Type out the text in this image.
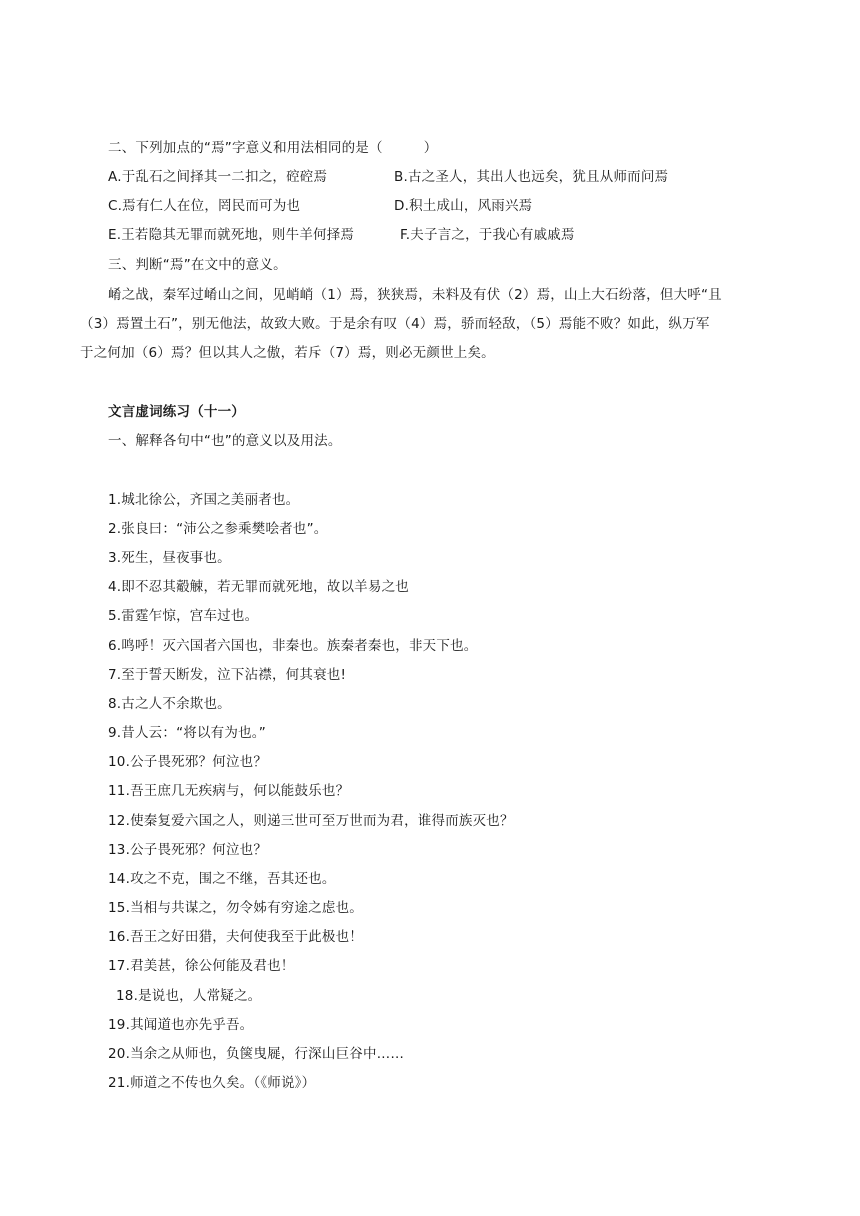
二、下列加点的“焉”字意义和用法相同的是（　　　）
A.于乱石之间择其一二扣之，硿硿焉	B.古之圣人，其出人也远矣，犹且从师而问焉
C.焉有仁人在位，罔民而可为也	D.积土成山，风雨兴焉
E.王若隐其无罪而就死地，则牛羊何择焉	F.夫子言之，于我心有戚戚焉
三、判断“焉”在文中的意义。
崤之战，秦军过崤山之间，见峭峭（1）焉，狭狭焉，未料及有伏（2）焉，山上大石纷落，但大呼“且
（3）焉置土石”，别无他法，故致大败。于是余有叹（4）焉，骄而轻敌，（5）焉能不败？如此，纵万军
于之何加（6）焉？但以其人之傲，若斥（7）焉，则必无颜世上矣。
文言虚词练习（十一）
一、解释各句中“也”的意义以及用法。
1.城北徐公，齐国之美丽者也。
2.张良曰：“沛公之参乘樊哙者也”。
3.死生，昼夜事也。
4.即不忍其觳觫，若无罪而就死地，故以羊易之也
5.雷霆乍惊，宫车过也。
6.鸣呼！灭六国者六国也，非秦也。族秦者秦也，非天下也。
7.至于誓天断发，泣下沾襟，何其衰也!
8.古之人不余欺也。
9.昔人云：“将以有为也。”
10.公子畏死邪？何泣也？
11.吾王庶几无疾病与，何以能鼓乐也？
12.使秦复爱六国之人，则递三世可至万世而为君，谁得而族灭也？
13.公子畏死邪？何泣也？
14.攻之不克，围之不继，吾其还也。
15.当相与共谋之，勿令姊有穷途之虑也。
16.吾王之好田猎，夫何使我至于此极也！
17.君美甚，徐公何能及君也！
18.是说也，人常疑之。
19.其闻道也亦先乎吾。
20.当余之从师也，负箧曳屣，行深山巨谷中……
21.师道之不传也久矣。（《师说》）
